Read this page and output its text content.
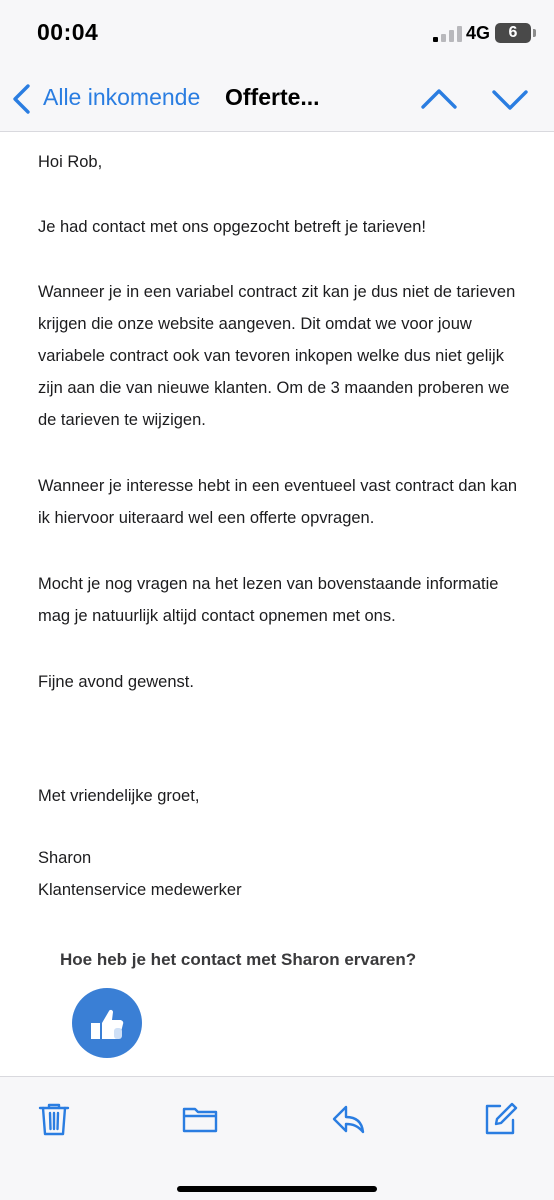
00:04	4G	6
Alle inkomende Offerte...
Hoi Rob,
Je had contact met ons opgezocht betreft je tarieven!
Wanneer je in een variabel contract zit kan je dus niet de tarieven krijgen die onze website aangeven. Dit omdat we voor jouw variabele contract ook van tevoren inkopen welke dus niet gelijk zijn aan die van nieuwe klanten. Om de 3 maanden proberen we de tarieven te wijzigen.
Wanneer je interesse hebt in een eventueel vast contract dan kan ik hiervoor uiteraard wel een offerte opvragen.
Mocht je nog vragen na het lezen van bovenstaande informatie mag je natuurlijk altijd contact opnemen met ons.
Fijne avond gewenst.
Met vriendelijke groet,
Sharon
Klantenservice medewerker
Hoe heb je het contact met Sharon ervaren?
